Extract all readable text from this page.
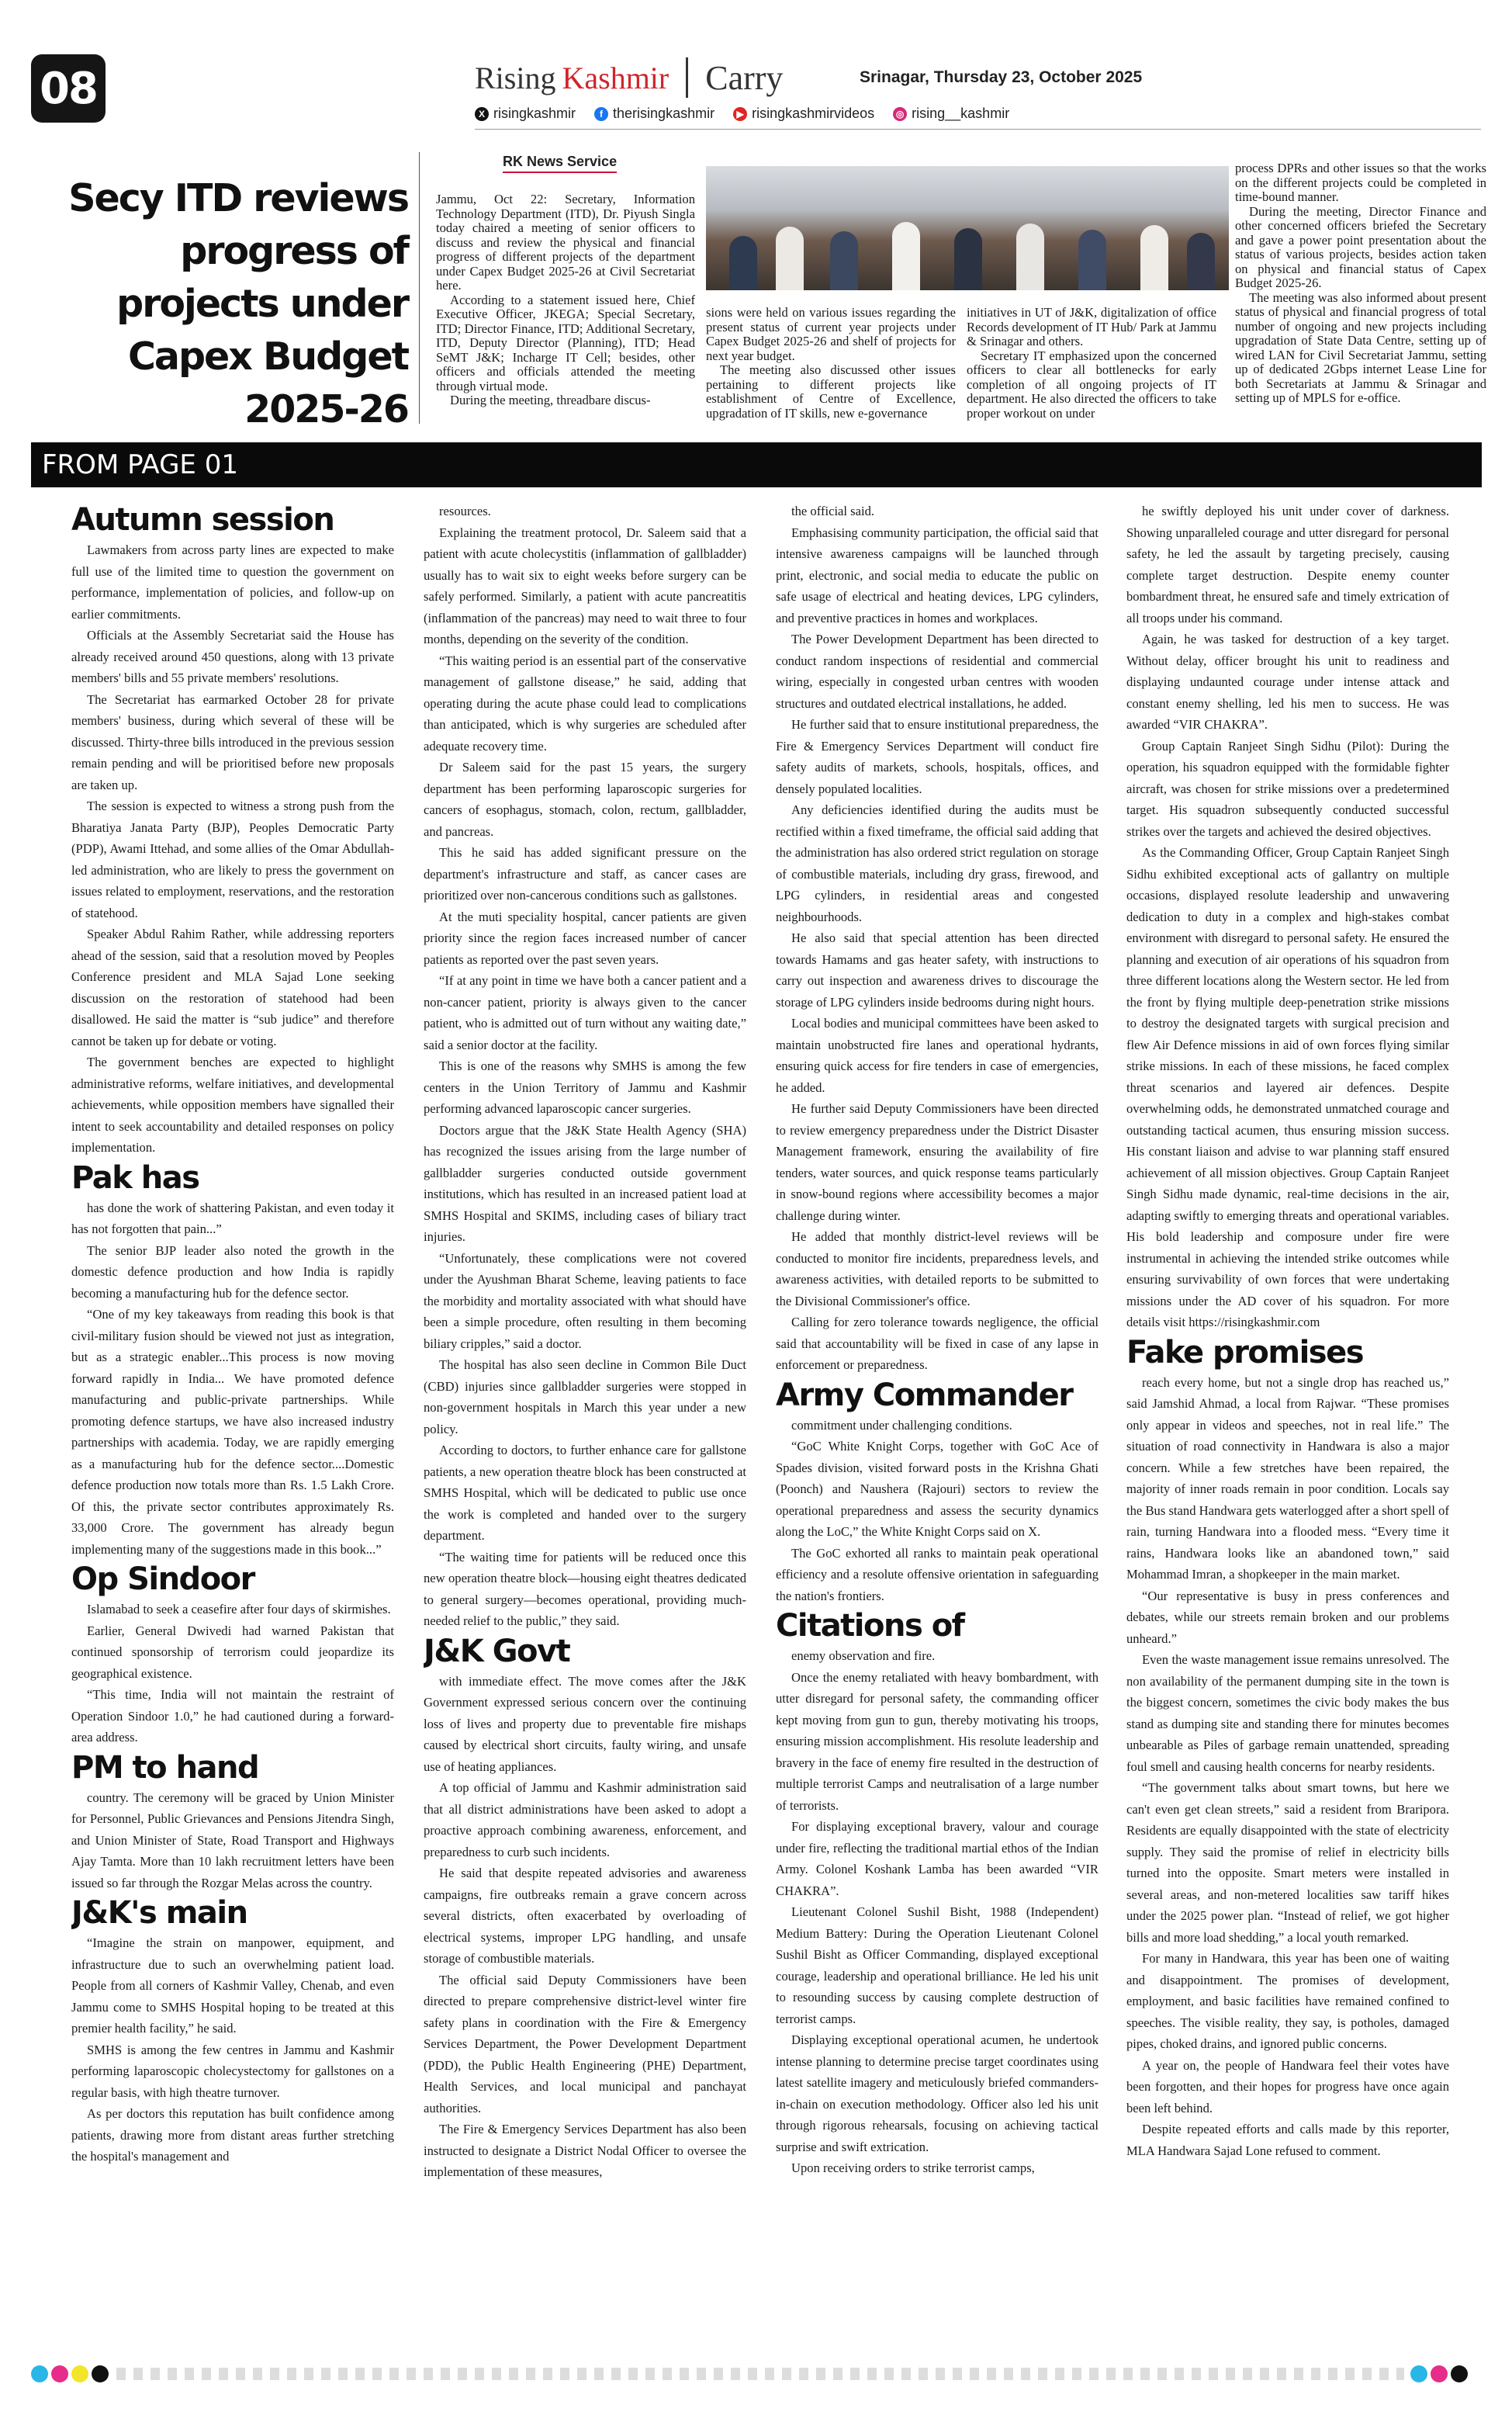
08	Rising Kashmir Carry	Srinagar, Thursday 23, October 2025
X risingkashmir	f therisingkashmir	▶ risingkashmirvideos	◎ rising__kashmir
Secy ITD reviews progress of projects under Capex Budget 2025-26
RK News Service

Jammu, Oct 22: Secretary, Information Technology Department (ITD), Dr. Piyush Singla today chaired a meeting of senior officers to discuss and review the physical and financial progress of different projects of the department under Capex Budget 2025-26 at Civil Secretariat here.

According to a statement issued here, Chief Executive Officer, JKEGA; Special Secretary, ITD; Director Finance, ITD; Additional Secretary, ITD, Deputy Director (Planning), ITD; Head SeMT J&K; Incharge IT Cell; besides, other officers and officials attended the meeting through virtual mode.

During the meeting, threadbare discus-

sions were held on various issues regarding the present status of current year projects under Capex Budget 2025-26 and shelf of projects for next year budget.

The meeting also discussed other issues pertaining to different projects like establishment of Centre of Excellence, upgradation of IT skills, new e-governance

initiatives in UT of J&K, digitalization of office Records development of IT Hub/ Park at Jammu & Srinagar and others.

Secretary IT emphasized upon the concerned officers to clear all bottlenecks for early completion of all ongoing projects of IT department. He also directed the officers to take proper workout on under

process DPRs and other issues so that the works on the different projects could be completed in time-bound manner.

During the meeting, Director Finance and other concerned officers briefed the Secretary and gave a power point presentation about the status of various projects, besides action taken on physical and financial status of Capex Budget 2025-26.

The meeting was also informed about present status of physical and financial progress of total number of ongoing and new projects including upgradation of State Data Centre, setting up of wired LAN for Civil Secretariat Jammu, setting up of dedicated 2Gbps internet Lease Line for both Secretariats at Jammu & Srinagar and setting up of MPLS for e-office.

FROM PAGE 01
Autumn session

Lawmakers from across party lines are expected to make full use of the limited time to question the government on performance, implementation of policies, and follow-up on earlier commitments.

Officials at the Assembly Secretariat said the House has already received around 450 questions, along with 13 private members' bills and 55 private members' resolutions.

The Secretariat has earmarked October 28 for private members' business, during which several of these will be discussed. Thirty-three bills introduced in the previous session remain pending and will be prioritised before new proposals are taken up.

The session is expected to witness a strong push from the Bharatiya Janata Party (BJP), Peoples Democratic Party (PDP), Awami Ittehad, and some allies of the Omar Abdullah-led administration, who are likely to press the government on issues related to employment, reservations, and the restoration of statehood.

Speaker Abdul Rahim Rather, while addressing reporters ahead of the session, said that a resolution moved by Peoples Conference president and MLA Sajad Lone seeking discussion on the restoration of statehood had been disallowed. He said the matter is “sub judice” and therefore cannot be taken up for debate or voting.

The government benches are expected to highlight administrative reforms, welfare initiatives, and developmental achievements, while opposition members have signalled their intent to seek accountability and detailed responses on policy implementation.

Pak has

has done the work of shattering Pakistan, and even today it has not forgotten that pain...”

The senior BJP leader also noted the growth in the domestic defence production and how India is rapidly becoming a manufacturing hub for the defence sector.

“One of my key takeaways from reading this book is that civil-military fusion should be viewed not just as integration, but as a strategic enabler...This process is now moving forward rapidly in India... We have promoted defence manufacturing and public-private partnerships. While promoting defence startups, we have also increased industry partnerships with academia. Today, we are rapidly emerging as a manufacturing hub for the defence sector....Domestic defence production now totals more than Rs. 1.5 Lakh Crore. Of this, the private sector contributes approximately Rs. 33,000 Crore. The government has already begun implementing many of the suggestions made in this book...”

Op Sindoor

Islamabad to seek a ceasefire after four days of skirmishes.

Earlier, General Dwivedi had warned Pakistan that continued sponsorship of terrorism could jeopardize its geographical existence.

“This time, India will not maintain the restraint of Operation Sindoor 1.0,” he had cautioned during a forward-area address.

PM to hand

country. The ceremony will be graced by Union Minister for Personnel, Public Grievances and Pensions Jitendra Singh, and Union Minister of State, Road Transport and Highways Ajay Tamta. More than 10 lakh recruitment letters have been issued so far through the Rozgar Melas across the country.

J&K's main

“Imagine the strain on manpower, equipment, and infrastructure due to such an overwhelming patient load. People from all corners of Kashmir Valley, Chenab, and even Jammu come to SMHS Hospital hoping to be treated at this premier health facility,” he said.

SMHS is among the few centres in Jammu and Kashmir performing laparoscopic cholecystectomy for gallstones on a regular basis, with high theatre turnover.

As per doctors this reputation has built confidence among patients, drawing more from distant areas further stretching the hospital's management and

resources.

Explaining the treatment protocol, Dr. Saleem said that a patient with acute cholecystitis (inflammation of gallbladder) usually has to wait six to eight weeks before surgery can be safely performed. Similarly, a patient with acute pancreatitis (inflammation of the pancreas) may need to wait three to four months, depending on the severity of the condition.

“This waiting period is an essential part of the conservative management of gallstone disease,” he said, adding that operating during the acute phase could lead to complications than anticipated, which is why surgeries are scheduled after adequate recovery time.

Dr Saleem said for the past 15 years, the surgery department has been performing laparoscopic surgeries for cancers of esophagus, stomach, colon, rectum, gallbladder, and pancreas.

This he said has added significant pressure on the department's infrastructure and staff, as cancer cases are prioritized over non-cancerous conditions such as gallstones.

At the muti speciality hospital, cancer patients are given priority since the region faces increased number of cancer patients as reported over the past seven years.

“If at any point in time we have both a cancer patient and a non-cancer patient, priority is always given to the cancer patient, who is admitted out of turn without any waiting date,” said a senior doctor at the facility.

This is one of the reasons why SMHS is among the few centers in the Union Territory of Jammu and Kashmir performing advanced laparoscopic cancer surgeries.

Doctors argue that the J&K State Health Agency (SHA) has recognized the issues arising from the large number of gallbladder surgeries conducted outside government institutions, which has resulted in an increased patient load at SMHS Hospital and SKIMS, including cases of biliary tract injuries.

“Unfortunately, these complications were not covered under the Ayushman Bharat Scheme, leaving patients to face the morbidity and mortality associated with what should have been a simple procedure, often resulting in them becoming biliary cripples,” said a doctor.

The hospital has also seen decline in Common Bile Duct (CBD) injuries since gallbladder surgeries were stopped in non-government hospitals in March this year under a new policy.

According to doctors, to further enhance care for gallstone patients, a new operation theatre block has been constructed at SMHS Hospital, which will be dedicated to public use once the work is completed and handed over to the surgery department.

“The waiting time for patients will be reduced once this new operation theatre block—housing eight theatres dedicated to general surgery—becomes operational, providing much-needed relief to the public,” they said.

J&K Govt

with immediate effect. The move comes after the J&K Government expressed serious concern over the continuing loss of lives and property due to preventable fire mishaps caused by electrical short circuits, faulty wiring, and unsafe use of heating appliances.

A top official of Jammu and Kashmir administration said that all district administrations have been asked to adopt a proactive approach combining awareness, enforcement, and preparedness to curb such incidents.

He said that despite repeated advisories and awareness campaigns, fire outbreaks remain a grave concern across several districts, often exacerbated by overloading of electrical systems, improper LPG handling, and unsafe storage of combustible materials.

The official said Deputy Commissioners have been directed to prepare comprehensive district-level winter fire safety plans in coordination with the Fire & Emergency Services Department, the Power Development Department (PDD), the Public Health Engineering (PHE) Department, Health Services, and local municipal and panchayat authorities.

The Fire & Emergency Services Department has also been instructed to designate a District Nodal Officer to oversee the implementation of these measures,

the official said.

Emphasising community participation, the official said that intensive awareness campaigns will be launched through print, electronic, and social media to educate the public on safe usage of electrical and heating devices, LPG cylinders, and preventive practices in homes and workplaces.

The Power Development Department has been directed to conduct random inspections of residential and commercial wiring, especially in congested urban centres with wooden structures and outdated electrical installations, he added.

He further said that to ensure institutional preparedness, the Fire & Emergency Services Department will conduct fire safety audits of markets, schools, hospitals, offices, and densely populated localities.

Any deficiencies identified during the audits must be rectified within a fixed timeframe, the official said adding that the administration has also ordered strict regulation on storage of combustible materials, including dry grass, firewood, and LPG cylinders, in residential areas and congested neighbourhoods.

He also said that special attention has been directed towards Hamams and gas heater safety, with instructions to carry out inspection and awareness drives to discourage the storage of LPG cylinders inside bedrooms during night hours.

Local bodies and municipal committees have been asked to maintain unobstructed fire lanes and operational hydrants, ensuring quick access for fire tenders in case of emergencies, he added.

He further said Deputy Commissioners have been directed to review emergency preparedness under the District Disaster Management framework, ensuring the availability of fire tenders, water sources, and quick response teams particularly in snow-bound regions where accessibility becomes a major challenge during winter.

He added that monthly district-level reviews will be conducted to monitor fire incidents, preparedness levels, and awareness activities, with detailed reports to be submitted to the Divisional Commissioner's office.

Calling for zero tolerance towards negligence, the official said that accountability will be fixed in case of any lapse in enforcement or preparedness.

Army Commander

commitment under challenging conditions.

“GoC White Knight Corps, together with GoC Ace of Spades division, visited forward posts in the Krishna Ghati (Poonch) and Naushera (Rajouri) sectors to review the operational preparedness and assess the security dynamics along the LoC,” the White Knight Corps said on X.

The GoC exhorted all ranks to maintain peak operational efficiency and a resolute offensive orientation in safeguarding the nation's frontiers.

Citations of

enemy observation and fire.

Once the enemy retaliated with heavy bombardment, with utter disregard for personal safety, the commanding officer kept moving from gun to gun, thereby motivating his troops, ensuring mission accomplishment. His resolute leadership and bravery in the face of enemy fire resulted in the destruction of multiple terrorist Camps and neutralisation of a large number of terrorists.

For displaying exceptional bravery, valour and courage under fire, reflecting the traditional martial ethos of the Indian Army. Colonel Koshank Lamba has been awarded “VIR CHAKRA”.

Lieutenant Colonel Sushil Bisht, 1988 (Independent) Medium Battery: During the Operation Lieutenant Colonel Sushil Bisht as Officer Commanding, displayed exceptional courage, leadership and operational brilliance. He led his unit to resounding success by causing complete destruction of terrorist camps.

Displaying exceptional operational acumen, he undertook intense planning to determine precise target coordinates using latest satellite imagery and meticulously briefed commanders-in-chain on execution methodology. Officer also led his unit through rigorous rehearsals, focusing on achieving tactical surprise and swift extrication.

Upon receiving orders to strike terrorist camps,

he swiftly deployed his unit under cover of darkness. Showing unparalleled courage and utter disregard for personal safety, he led the assault by targeting precisely, causing complete target destruction. Despite enemy counter bombardment threat, he ensured safe and timely extrication of all troops under his command.

Again, he was tasked for destruction of a key target. Without delay, officer brought his unit to readiness and displaying undaunted courage under intense attack and constant enemy shelling, led his men to success. He was awarded “VIR CHAKRA”.

Group Captain Ranjeet Singh Sidhu (Pilot): During the operation, his squadron equipped with the formidable fighter aircraft, was chosen for strike missions over a predetermined target. His squadron subsequently conducted successful strikes over the targets and achieved the desired objectives.

As the Commanding Officer, Group Captain Ranjeet Singh Sidhu exhibited exceptional acts of gallantry on multiple occasions, displayed resolute leadership and unwavering dedication to duty in a complex and high-stakes combat environment with disregard to personal safety. He ensured the planning and execution of air operations of his squadron from three different locations along the Western sector. He led from the front by flying multiple deep-penetration strike missions to destroy the designated targets with surgical precision and flew Air Defence missions in aid of own forces flying similar strike missions. In each of these missions, he faced complex threat scenarios and layered air defences. Despite overwhelming odds, he demonstrated unmatched courage and outstanding tactical acumen, thus ensuring mission success. His constant liaison and advise to war planning staff ensured achievement of all mission objectives. Group Captain Ranjeet Singh Sidhu made dynamic, real-time decisions in the air, adapting swiftly to emerging threats and operational variables. His bold leadership and composure under fire were instrumental in achieving the intended strike outcomes while ensuring survivability of own forces that were undertaking missions under the AD cover of his squadron. For more details visit https://risingkashmir.com

Fake promises

reach every home, but not a single drop has reached us,” said Jamshid Ahmad, a local from Rajwar. “These promises only appear in videos and speeches, not in real life.” The situation of road connectivity in Handwara is also a major concern. While a few stretches have been repaired, the majority of inner roads remain in poor condition. Locals say the Bus stand Handwara gets waterlogged after a short spell of rain, turning Handwara into a flooded mess. “Every time it rains, Handwara looks like an abandoned town,” said Mohammad Imran, a shopkeeper in the main market.

“Our representative is busy in press conferences and debates, while our streets remain broken and our problems unheard.”

Even the waste management issue remains unresolved. The non availability of the permanent dumping site in the town is the biggest concern, sometimes the civic body makes the bus stand as dumping site and standing there for minutes becomes unbearable as Piles of garbage remain unattended, spreading foul smell and causing health concerns for nearby residents.

“The government talks about smart towns, but here we can't even get clean streets,” said a resident from Braripora. Residents are equally disappointed with the state of electricity supply. They said the promise of relief in electricity bills turned into the opposite. Smart meters were installed in several areas, and non-metered localities saw tariff hikes under the 2025 power plan. “Instead of relief, we got higher bills and more load shedding,” a local youth remarked.

For many in Handwara, this year has been one of waiting and disappointment. The promises of development, employment, and basic facilities have remained confined to speeches. The visible reality, they say, is potholes, damaged pipes, choked drains, and ignored public concerns.

A year on, the people of Handwara feel their votes have been forgotten, and their hopes for progress have once again been left behind.

Despite repeated efforts and calls made by this reporter, MLA Handwara Sajad Lone refused to comment.
